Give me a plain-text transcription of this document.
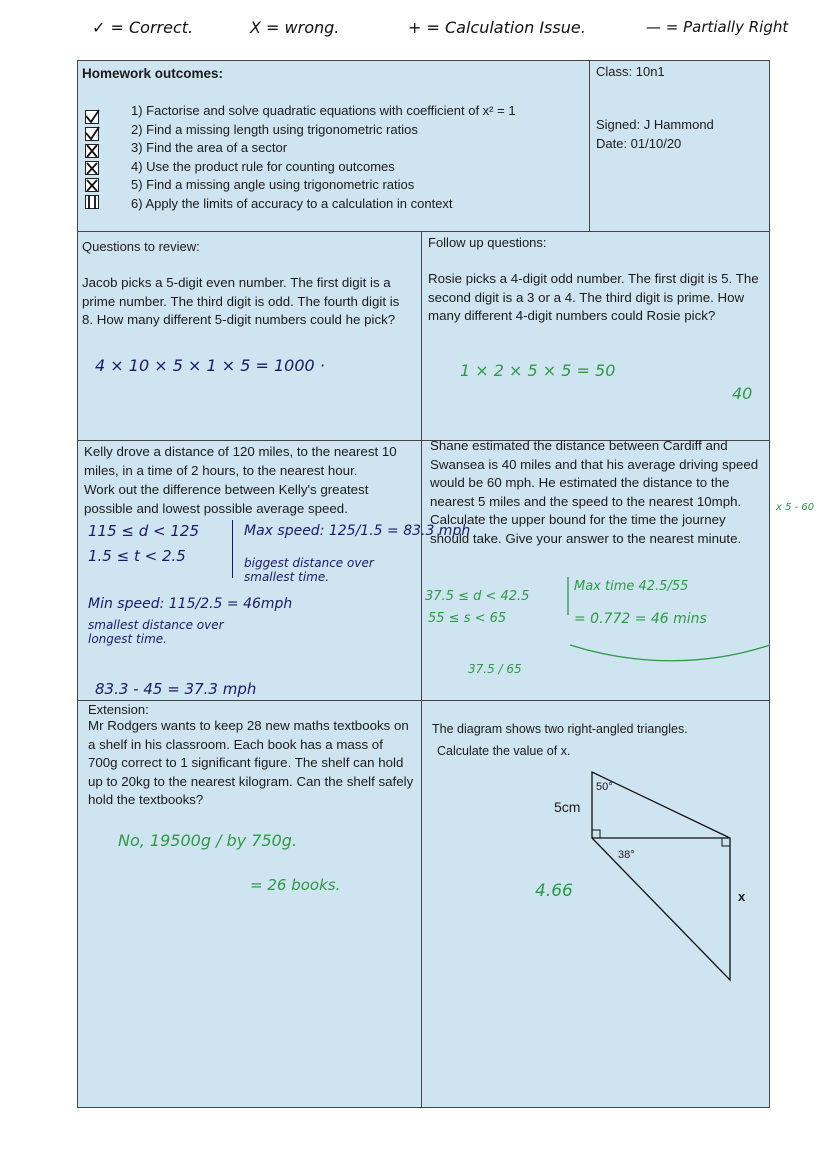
✓ = Correct.	X = wrong.	+ = Calculation Issue.	— = Partially Right
Homework outcomes:	Class: 10n1
Signed: J Hammond
Date: 01/10/20
1) Factorise and solve quadratic equations with coefficient of x² = 1
2) Find a missing length using trigonometric ratios
3) Find the area of a sector
4) Use the product rule for counting outcomes
5) Find a missing angle using trigonometric ratios
6) Apply the limits of accuracy to a calculation in context
Questions to review:	Follow up questions:
Jacob picks a 5-digit even number. The first digit is a prime number. The third digit is odd. The fourth digit is 8. How many different 5-digit numbers could he pick?
4 × 10 × 5 × 1 × 5 = 1000 ·
Rosie picks a 4-digit odd number. The first digit is 5. The second digit is a 3 or a 4. The third digit is prime. How many different 4-digit numbers could Rosie pick?
1 × 2 × 5 × 5 = 50
40
Kelly drove a distance of 120 miles, to the nearest 10 miles, in a time of 2 hours, to the nearest hour.
Work out the difference between Kelly's greatest possible and lowest possible average speed.
115 ≤ d < 125
1.5 ≤ t < 2.5
Max speed: 125/1.5 = 83.3 mph
biggest distance over smallest time.
Min speed: 115/2.5 = 46mph
smallest distance over longest time.
83.3 - 45 = 37.3 mph
Shane estimated the distance between Cardiff and Swansea is 40 miles and that his average driving speed would be 60 mph. He estimated the distance to the nearest 5 miles and the speed to the nearest 10mph. Calculate the upper bound for the time the journey should take. Give your answer to the nearest minute.
37.5 ≤ d < 42.5
55 ≤ s < 65
Max time 42.5/55
= 0.772 = 46 mins
37.5 / 65
x 5 - 60
Extension:
Mr Rodgers wants to keep 28 new maths textbooks on a shelf in his classroom. Each book has a mass of 700g correct to 1 significant figure. The shelf can hold up to 20kg to the nearest kilogram. Can the shelf safely hold the textbooks?
No, 19500g / by 750g.
= 26 books.
The diagram shows two right-angled triangles.
Calculate the value of x.
50°
38°
5cm
x
4.66
